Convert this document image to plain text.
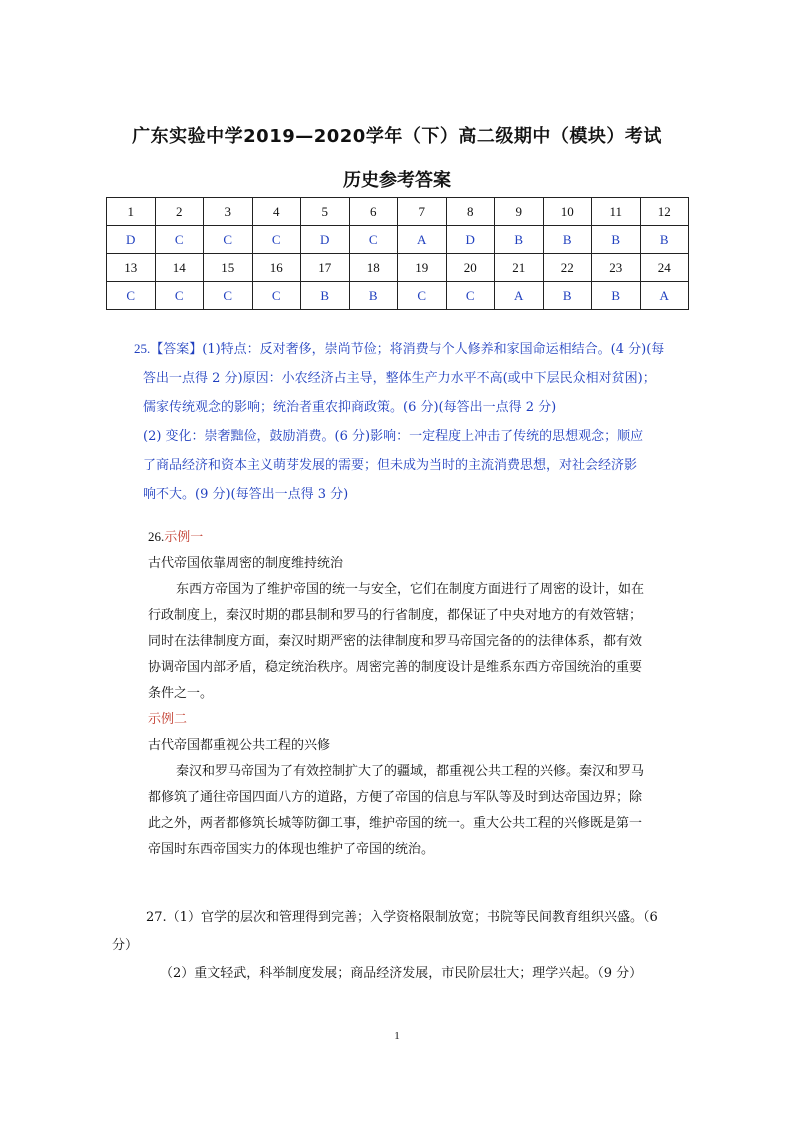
广东实验中学2019—2020学年（下）高二级期中（模块）考试
历史参考答案
1	2	3	4	5	6	7	8	9	10	11	12
D	C	C	C	D	C	A	D	B	B	B	B
13	14	15	16	17	18	19	20	21	22	23	24
C	C	C	C	B	B	C	C	A	B	B	A

25.【答案】(1)特点：反对奢侈，崇尚节俭；将消费与个人修养和家国命运相结合。(4 分)(每

答出一点得 2 分)原因：小农经济占主导，整体生产力水平不高(或中下层民众相对贫困)；

儒家传统观念的影响；统治者重农抑商政策。(6 分)(每答出一点得 2 分)

(2) 变化：崇奢黜俭，鼓励消费。(6 分)影响：一定程度上冲击了传统的思想观念；顺应

了商品经济和资本主义萌芽发展的需要；但未成为当时的主流消费思想，对社会经济影

响不大。(9 分)(每答出一点得 3 分)

26.示例一

古代帝国依靠周密的制度维持统治

东西方帝国为了维护帝国的统一与安全，它们在制度方面进行了周密的设计，如在

行政制度上，秦汉时期的郡县制和罗马的行省制度，都保证了中央对地方的有效管辖；

同时在法律制度方面，秦汉时期严密的法律制度和罗马帝国完备的的法律体系，都有效

协调帝国内部矛盾，稳定统治秩序。周密完善的制度设计是维系东西方帝国统治的重要

条件之一。

示例二

古代帝国都重视公共工程的兴修

秦汉和罗马帝国为了有效控制扩大了的疆域，都重视公共工程的兴修。秦汉和罗马

都修筑了通往帝国四面八方的道路，方便了帝国的信息与军队等及时到达帝国边界；除

此之外，两者都修筑长城等防御工事，维护帝国的统一。重大公共工程的兴修既是第一

帝国时东西帝国实力的体现也维护了帝国的统治。

27.（1）官学的层次和管理得到完善；入学资格限制放宽；书院等民间教育组织兴盛。（6

分）

（2）重文轻武，科举制度发展；商品经济发展，市民阶层壮大；理学兴起。（9 分）

1
